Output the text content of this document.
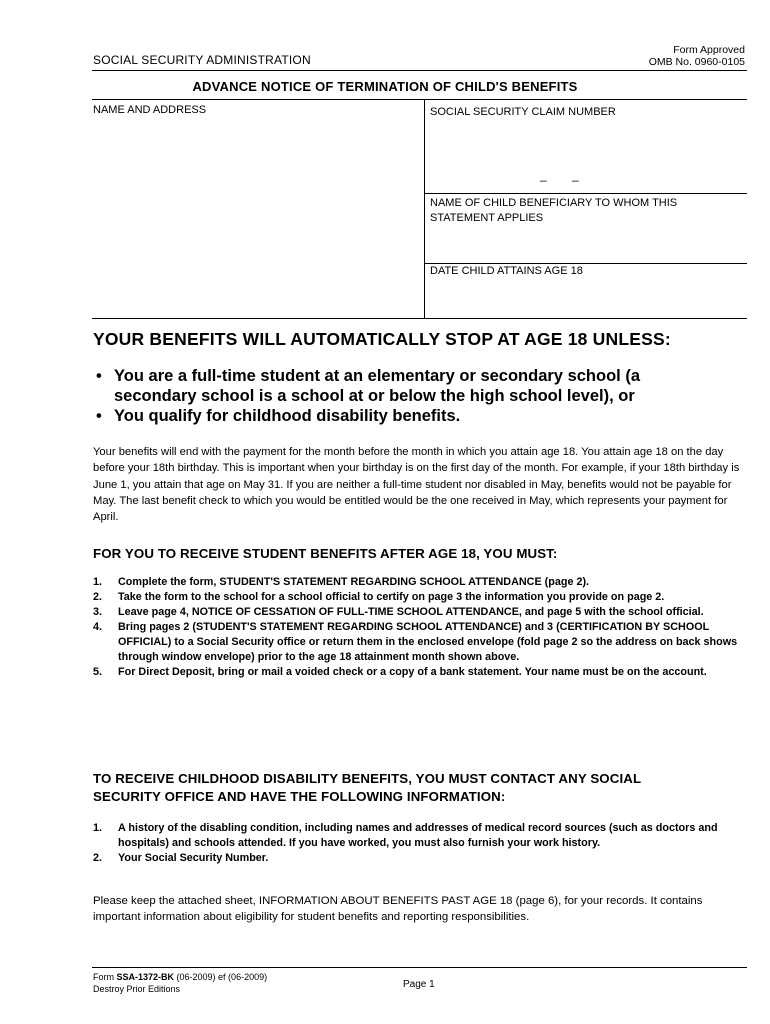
SOCIAL SECURITY ADMINISTRATION
Form Approved
OMB No. 0960-0105
ADVANCE NOTICE OF TERMINATION OF CHILD'S BENEFITS
NAME AND ADDRESS	SOCIAL SECURITY CLAIM NUMBER
_ _
NAME OF CHILD BENEFICIARY TO WHOM THIS
STATEMENT APPLIES
DATE CHILD ATTAINS AGE 18
YOUR BENEFITS WILL AUTOMATICALLY STOP AT AGE 18 UNLESS:
• You are a full-time student at an elementary or secondary school (a secondary school is a school at or below the high school level), or
• You qualify for childhood disability benefits.
Your benefits will end with the payment for the month before the month in which you attain age 18. You attain age 18 on the day before your 18th birthday. This is important when your birthday is on the first day of the month. For example, if your 18th birthday is June 1, you attain that age on May 31. If you are neither a full-time student nor disabled in May, benefits would not be payable for May. The last benefit check to which you would be entitled would be the one received in May, which represents your payment for April.
FOR YOU TO RECEIVE STUDENT BENEFITS AFTER AGE 18, YOU MUST:
1. Complete the form, STUDENT'S STATEMENT REGARDING SCHOOL ATTENDANCE (page 2).
2. Take the form to the school for a school official to certify on page 3 the information you provide on page 2.
3. Leave page 4, NOTICE OF CESSATION OF FULL-TIME SCHOOL ATTENDANCE, and page 5 with the school official.
4. Bring pages 2 (STUDENT'S STATEMENT REGARDING SCHOOL ATTENDANCE) and 3 (CERTIFICATION BY SCHOOL OFFICIAL) to a Social Security office or return them in the enclosed envelope (fold page 2 so the address on back shows through window envelope) prior to the age 18 attainment month shown above.
5. For Direct Deposit, bring or mail a voided check or a copy of a bank statement. Your name must be on the account.
TO RECEIVE CHILDHOOD DISABILITY BENEFITS, YOU MUST CONTACT ANY SOCIAL
SECURITY OFFICE AND HAVE THE FOLLOWING INFORMATION:
1. A history of the disabling condition, including names and addresses of medical record sources (such as doctors and hospitals) and schools attended. If you have worked, you must also furnish your work history.
2. Your Social Security Number.
Please keep the attached sheet, INFORMATION ABOUT BENEFITS PAST AGE 18 (page 6), for your records. It contains important information about eligibility for student benefits and reporting responsibilities.
Form SSA-1372-BK (06-2009) ef (06-2009)
Destroy Prior Editions	Page 1
